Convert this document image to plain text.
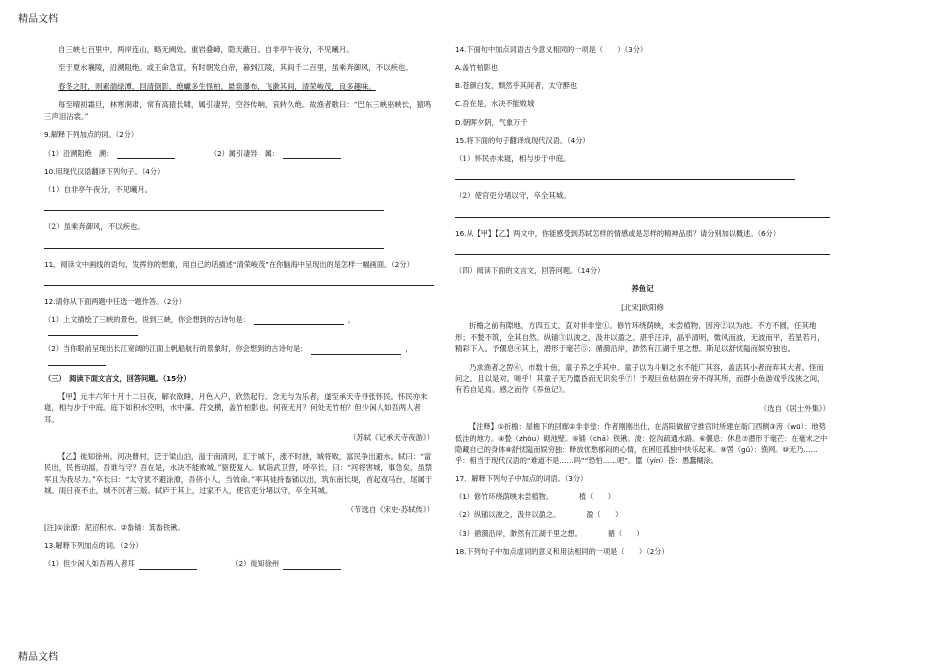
精品文档

自三峡七百里中，两岸连山，略无阙处。重岩叠嶂，隐天蔽日。自非亭午夜分，不见曦月。

至于夏水襄陵，沿溯阻绝。或王命急宣，有时朝发白帝，暮到江陵，其间千二百里，虽乘奔御风，不以疾也。

春冬之时，则素湍绿潭，回清倒影，绝巘多生怪柏，悬泉瀑布，飞漱其间，清荣峻茂，良多趣味。

每至晴初霜旦，林寒涧肃，常有高猿长啸，属引凄异，空谷传响，哀转久绝。故渔者歌曰：“巴东三峡巫峡长，猿鸣三声泪沾裳。”

9.解释下列加点的词。（2分）

（1）沿溯阻绝　溯：	（2）属引凄异　属：

10.用现代汉语翻译下列句子。（4分）

（1）自非亭午夜分，不见曦月。

（2）虽乘奔御风，不以疾也。

11、阅读文中画线的语句，发挥你的想象，用自己的话描述“清荣峻茂”在你脑海中呈现出的是怎样一幅画面。（2分）

12.请你从下面两题中任选一题作答。（2分）

（1）上文描绘了三峡的景色，说到三峡，你会想到的古诗句是：	，

（2）当你眼前呈现出长江宽阔的江面上帆船航行的景象时，你会想到的古诗句是：	，

（三）　阅读下面文言文，回答问题。（15分）

【甲】元丰六年十月十二日夜，解衣欲睡，月色入户，欣然起行。念无与为乐者，遂至承天寺寻张怀民。怀民亦未寝，相与步于中庭。庭下如积水空明，水中藻、荇交横，盖竹柏影也。何夜无月？何处无竹柏？但少闲人如吾两人者耳。

（苏轼《记承天寺夜游》）

【乙】徙知徐州。河决曹村，泛于梁山泊，溢于南清河，汇于城下，涨不时泄，城将败，富民争出避水。轼曰：“富民出，民皆动摇，吾谁与守？吾在是，水决不能败城。”驱使复入。轼诣武卫营，呼卒长，曰：“河将害城，事急矣，虽禁军且为我尽力。”卒长曰：“太守犹不避涂潦，吾侪小人，当效命。”率其徒持畚锸以出，筑东南长堤，首起戏马台，尾属于城。雨日夜不止，城不沉者三版。轼庐于其上，过家不入，使官吏分堵以守，卒全其城。

（节选自《宋史·苏轼传》）

[注]①涂潦：泥沼积水。②畚锸：箕畚铁锹。

13.解释下列加点的词。（2分）

（1）但少闲人如吾两人者耳	（2）徙知徐州

14.下面句中加点词语古今意义相同的一项是（　　）（3分）

A.盖竹柏影也

B.苍颜白发，颓然乎其间者，太守醉也

C.吾在是，水决不能败城

D.朝晖夕阴，气象万千

15.将下面的句子翻译成现代汉语。（4分）

（1）怀民亦未寝，相与步于中庭。

（2）使官吏分堵以守，卒全其城。

16.从【甲】【乙】两文中，你能感受到苏轼怎样的情感或是怎样的精神品质？请分别加以概述。（6分）

（四）阅读下面的文言文，回答问题。（14分）

养鱼记

[北宋]欧阳修

折檐之前有隙地，方四五丈，直对非非堂①。修竹环绕荫映，未尝植物，因洿②以为池。不方不圆，任其地形；不甃不筑，全其自然。纵锸③以浚之，汲井以盈之。湛乎汪洋，晶乎清明，微风而波，无波而平，若星若月，精彩下入。予偃息④其上，潜形于毫芒⑤；循漪沿岸，渺然有江湖千里之想。斯足以舒忧隘而娱穷独也。

乃求渔者之罟⑥，市数十鱼，童子养之乎其中。童子以为斗斛之水不能广其容，盖活其小者而弃其大者。怪而问之，且以是对。嗟乎！其童子无乃嚚昏而无识矣乎⑦！予观巨鱼枯涸在旁不得其所，而群小鱼游戏乎浅狭之间，有若自足焉。感之而作《养鱼记》。

（选自《居士外集》）

【注释】①折檐：屋檐下的回廊②非非堂：作者刚刚出仕，在洛阳做留守推官时所建在衙门西侧③洿（wū）：地势低洼的地方。④甃（zhòu）砌池壁。⑤锸（chā）铁锹。浚：挖沟疏通水路。⑥偃息：休息⑦潜形于毫芒：在毫末之中隐藏自己的身体⑧舒忧隘而娱穷独：释放忧愁郁闷的心情，在困厄孤独中快乐起来。⑨罟（gǔ）：渔网。⑩无乃……乎：相当于现代汉语的“难道不是……吗”“恐怕……吧”。嚚（yín）昏：愚蠢糊涂。

17．解释下列句子中加点的词语。（3分）

（1）修竹环绕荫映未尝植物。	植（　　）

（2）纵锸以浚之，汲井以盈之。	盈（　　）

（3）循漪沿岸，渺然有江湖千里之想。	循（　　）

18.下列句子中加点虚词的意义和用法相同的一项是（　　）（2分）

精品文档
